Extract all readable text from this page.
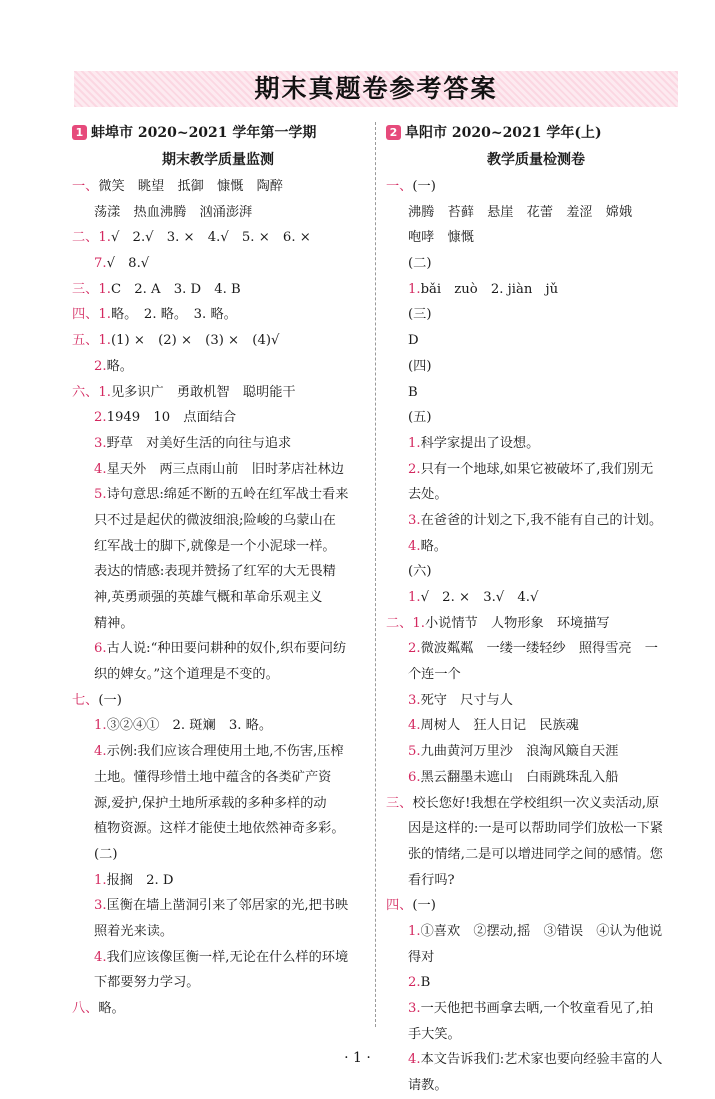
期末真题卷参考答案
1 蚌埠市 2020~2021 学年第一学期
期末教学质量监测
一、微笑　眺望　抵御　慷慨　陶醉
荡漾　热血沸腾　汹涌澎湃
二、1.√　2.√　3. ×　4.√　5. ×　6. ×
7.√　8.√
三、1.C　2. A　3. D　4. B
四、1.略。　2. 略。　3. 略。
五、1.(1) ×　(2) ×　(3) ×　(4)√
2.略。
六、1.见多识广　勇敢机智　聪明能干
2.1949　10　点面结合
3.野草　对美好生活的向往与追求
4.星天外　两三点雨山前　旧时茅店社林边
5.诗句意思:绵延不断的五岭在红军战士看来
只不过是起伏的微波细浪;险峻的乌蒙山在
红军战士的脚下,就像是一个小泥球一样。
表达的情感:表现并赞扬了红军的大无畏精
神,英勇顽强的英雄气概和革命乐观主义
精神。
6.古人说:“种田要问耕种的奴仆,织布要问纺
织的婢女。”这个道理是不变的。
七、(一)
1.③②④①　2. 斑斓　3. 略。
4.示例:我们应该合理使用土地,不伤害,压榨
土地。懂得珍惜土地中蕴含的各类矿产资
源,爱护,保护土地所承载的多种多样的动
植物资源。这样才能使土地依然神奇多彩。
(二)
1.报搁　2. D
3.匡衡在墙上凿洞引来了邻居家的光,把书映
照着光来读。
4.我们应该像匡衡一样,无论在什么样的环境
下都要努力学习。
八、略。
2 阜阳市 2020~2021 学年(上)
教学质量检测卷
一、(一)
沸腾　苔藓　悬崖　花蕾　羞涩　嫦娥
咆哮　慷慨
(二)
1.bǎi　zuò　2. jiàn　jǔ
(三)
D
(四)
B
(五)
1.科学家提出了设想。
2.只有一个地球,如果它被破坏了,我们别无
去处。
3.在爸爸的计划之下,我不能有自己的计划。
4.略。
(六)
1.√　2. ×　3.√　4.√
二、1.小说情节　人物形象　环境描写
2.微波粼粼　一缕一缕轻纱　照得雪亮　一
个连一个
3.死守　尺寸与人
4.周树人　狂人日记　民族魂
5.九曲黄河万里沙　浪淘风簸自天涯
6.黑云翻墨未遮山　白雨跳珠乱入船
三、校长您好!我想在学校组织一次义卖活动,原
因是这样的:一是可以帮助同学们放松一下紧
张的情绪,二是可以增进同学之间的感情。您
看行吗?
四、(一)
1.①喜欢　②摆动,摇　③错误　④认为他说
得对
2.B
3.一天他把书画拿去晒,一个牧童看见了,拍
手大笑。
4.本文告诉我们:艺术家也要向经验丰富的人
请教。
· 1 ·
